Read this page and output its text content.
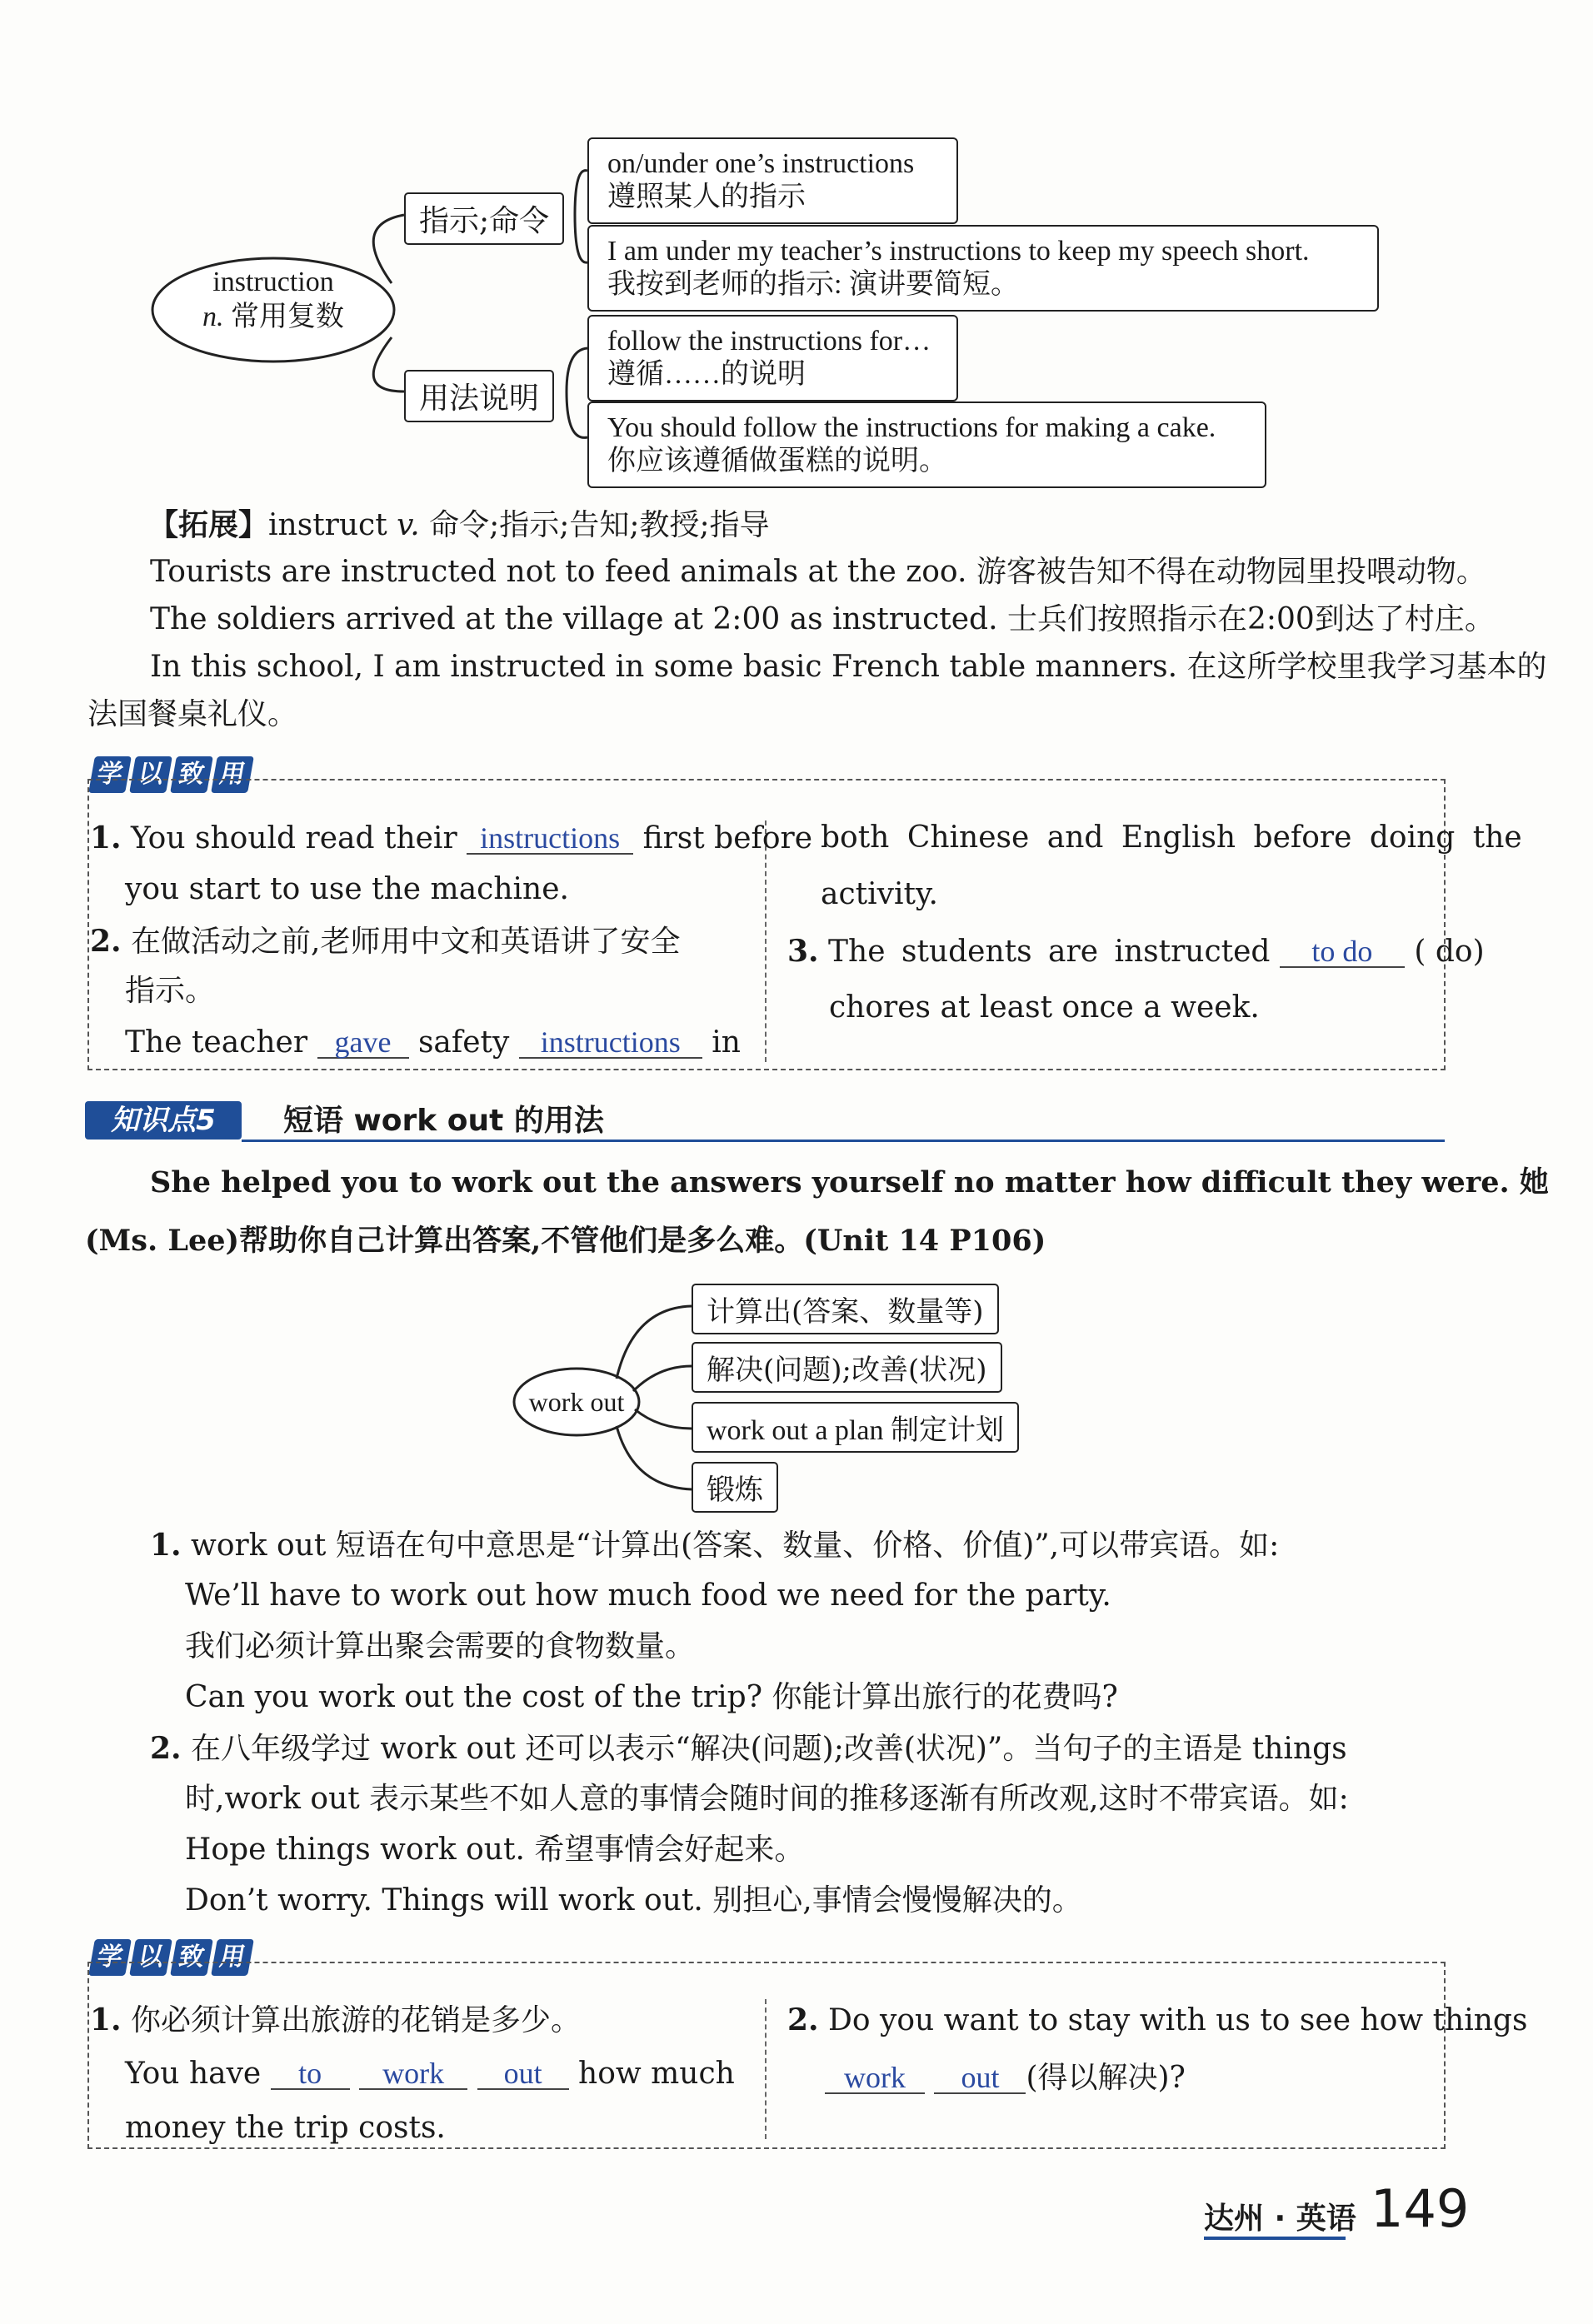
instruction
n. 常用复数
指示;命令
用法说明
on/under one’s instructions
遵照某人的指示
I am under my teacher’s instructions to keep my speech short.
我按到老师的指示: 演讲要简短。
follow the instructions for…
遵循……的说明
You should follow the instructions for making a cake.
你应该遵循做蛋糕的说明。
【拓展】instruct v. 命令;指示;告知;教授;指导
Tourists are instructed not to feed animals at the zoo. 游客被告知不得在动物园里投喂动物。
The soldiers arrived at the village at 2:00 as instructed. 士兵们按照指示在2:00到达了村庄。
In this school, I am instructed in some basic French table manners. 在这所学校里我学习基本的
法国餐桌礼仪。
学 以 致 用
1. You should read their instructions first before
you start to use the machine.
2. 在做活动之前,老师用中文和英语讲了安全
指示。
The teacher gave safety instructions in
both Chinese and English before doing the
activity.
3. The students are instructed to do ( do)
chores at least once a week.
知识点5	短语 work out 的用法
She helped you to work out the answers yourself no matter how difficult they were. 她
(Ms. Lee)帮助你自己计算出答案,不管他们是多么难。(Unit 14 P106)
work out
计算出(答案、数量等)
解决(问题);改善(状况)
work out a plan 制定计划
锻炼
1. work out 短语在句中意思是“计算出(答案、数量、价格、价值)”,可以带宾语。如:
We’ll have to work out how much food we need for the party.
我们必须计算出聚会需要的食物数量。
Can you work out the cost of the trip? 你能计算出旅行的花费吗?
2. 在八年级学过 work out 还可以表示“解决(问题);改善(状况)”。当句子的主语是 things
时,work out 表示某些不如人意的事情会随时间的推移逐渐有所改观,这时不带宾语。如:
Hope things work out. 希望事情会好起来。
Don’t worry. Things will work out. 别担心,事情会慢慢解决的。
学 以 致 用
1. 你必须计算出旅游的花销是多少。
You have to work out how much
money the trip costs.
2. Do you want to stay with us to see how things
work out (得以解决)?
达州 · 英语 149
